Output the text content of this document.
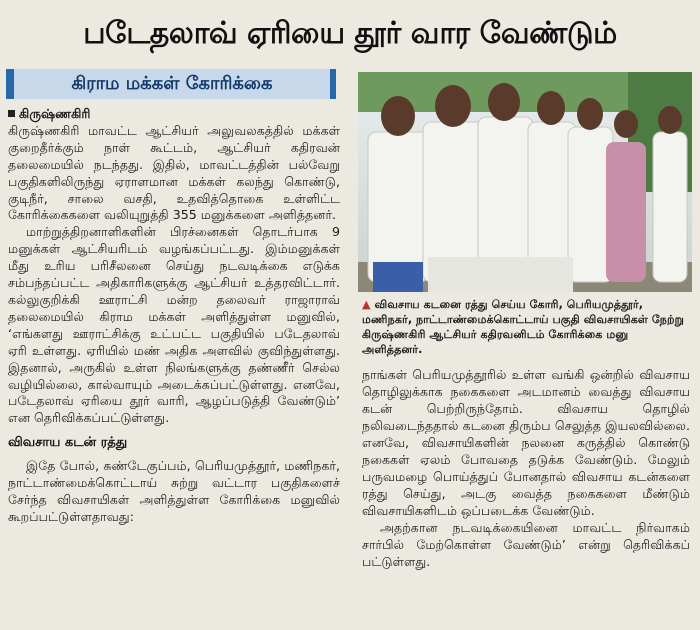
படேதலாவ் ஏரியை தூர் வார வேண்டும்
கிராம மக்கள் கோரிக்கை
கிருஷ்ணகிரி

கிருஷ்ணகிரி மாவட்ட ஆட்சியர் அலுவலகத்தில் மக்கள் குறைதீர்க்கும் நாள் கூட்டம், ஆட்சியர் கதிரவன் தலைமையில் நடந்தது. இதில், மாவட்டத்தின் பல்வேறு பகுதிகளிலிருந்து ஏராளமான மக்கள் கலந்து கொண்டு, குடிநீர், சாலை வசதி, உதவித்தொகை உள்ளிட்ட கோரிக்கைகளை வலியுறுத்தி 355 மனுக்களை அளித்தனர்.

மாற்றுத்திறனாளிகளின் பிரச்னைகள் தொடர்பாக 9 மனுக்கள் ஆட்சியரிடம் வழங்கப்பட்டது. இம்மனுக்கள் மீது உரிய பரிசீலனை செய்து நடவடிக்கை எடுக்க சம்பந்தப்பட்ட அதிகாரிகளுக்கு ஆட்சியர் உத்தரவிட்டார். கல்லுகுறிக்கி ஊராட்சி மன்ற தலைவர் ராஜாராவ் தலைமையில் கிராம மக்கள் அளித்துள்ள மனுவில், ‘எங்களது ஊராட்சிக்கு உட்பட்ட பகுதியில் படேதலாவ் ஏரி உள்ளது. ஏரியில் மண் அதிக அளவில் குவிந்துள்ளது. இதனால், அருகில் உள்ள நிலங்களுக்கு தண்ணீர் செல்ல வழியில்லை, கால்வாயும் அடைக்கப்பட்டுள்ளது. எனவே, படேதலாவ் ஏரியை தூர் வாரி, ஆழப்படுத்தி வேண்டும்’ என தெரிவிக்கப்பட்டுள்ளது.

விவசாய கடன் ரத்து

இதே போல், சுண்டேகுப்பம், பெரியமுத்தூர், மணிநகர், நாட்டாண்மைக்கொட்டாய் சுற்று வட்டார பகுதிகளைச் சேர்ந்த விவசாயிகள் அளித்துள்ள கோரிக்கை மனுவில் கூறப்பட்டுள்ளதாவது:

▲ விவசாய கடனை ரத்து செய்ய கோரி, பெரியமுத்தூர், மணிநகர், நாட்டாண்மைக்கொட்டாய் பகுதி விவசாயிகள் நேற்று கிருஷ்ணகிரி ஆட்சியர் கதிரவனிடம் கோரிக்கை மனு அளித்தனர்.

நாங்கள் பெரியமுத்தூரில் உள்ள வங்கி ஒன்றில் விவசாய தொழிலுக்காக நகைகளை அடமானம் வைத்து விவசாய கடன் பெற்றிருந்தோம். விவசாய தொழில் நலிவடைந்ததால் கடனை திரும்ப செலுத்த இயலவில்லை. எனவே, விவசாயிகளின் நலனை கருத்தில் கொண்டு நகைகள் ஏலம் போவதை தடுக்க வேண்டும். மேலும் பருவமழை பொய்த்துப் போனதால் விவசாய கடன்களை ரத்து செய்து, அடகு வைத்த நகைகளை மீண்டும் விவசாயிகளிடம் ஒப்படைக்க வேண்டும்.

அதற்கான நடவடிக்கையினை மாவட்ட நிர்வாகம் சார்பில் மேற்கொள்ள வேண்டும்’ என்று தெரிவிக்கப் பட்டுள்ளது.
